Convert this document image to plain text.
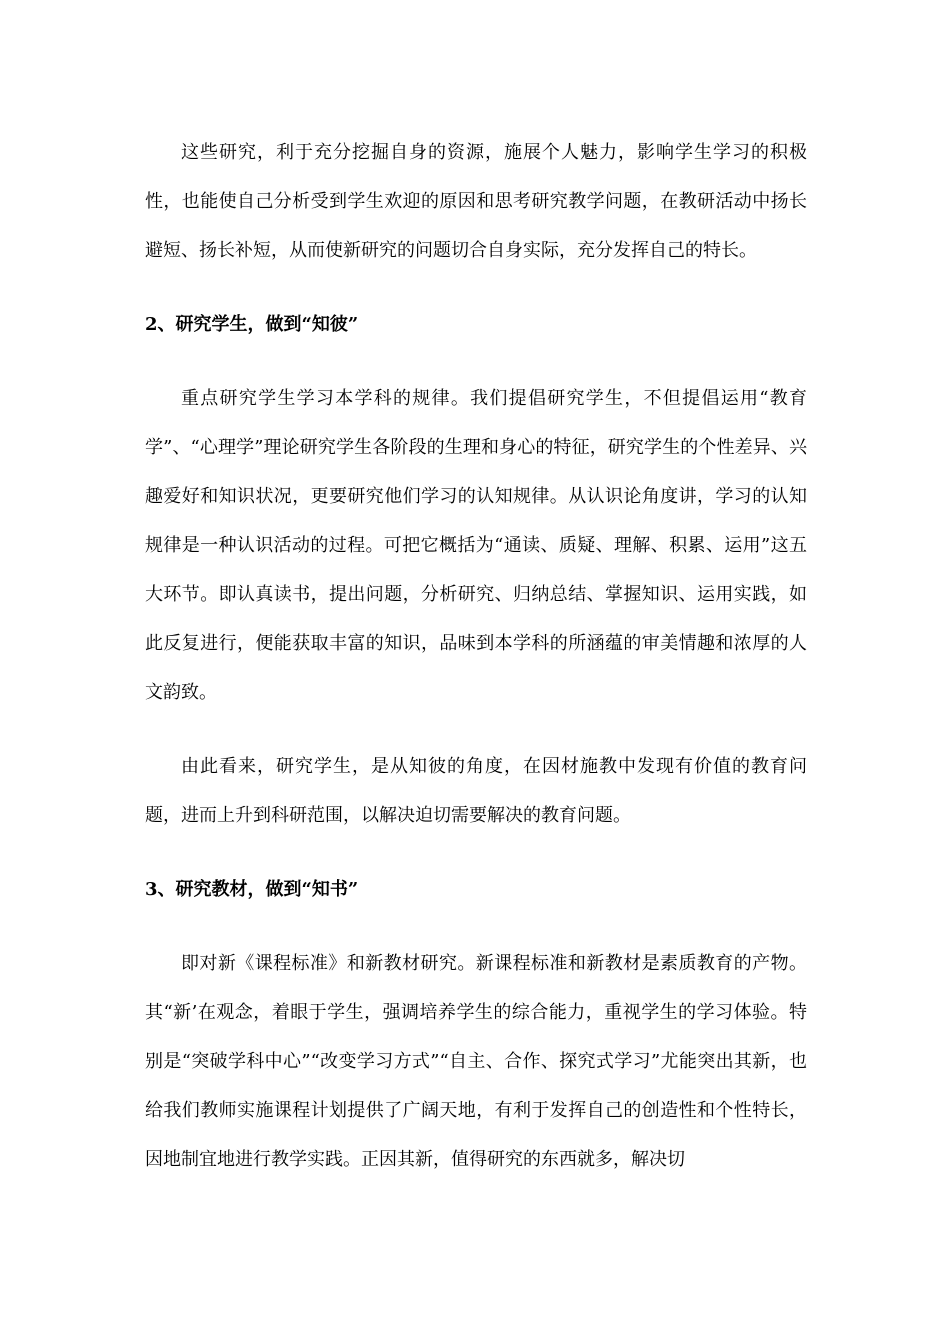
这些研究，利于充分挖掘自身的资源，施展个人魅力，影响学生学习的积极性，也能使自己分析受到学生欢迎的原因和思考研究教学问题，在教研活动中扬长避短、扬长补短，从而使新研究的问题切合自身实际，充分发挥自己的特长。

2、研究学生，做到“知彼”

重点研究学生学习本学科的规律。我们提倡研究学生，不但提倡运用“教育学”、“心理学”理论研究学生各阶段的生理和身心的特征，研究学生的个性差异、兴趣爱好和知识状况，更要研究他们学习的认知规律。从认识论角度讲，学习的认知规律是一种认识活动的过程。可把它概括为“通读、质疑、理解、积累、运用”这五大环节。即认真读书，提出问题，分析研究、归纳总结、掌握知识、运用实践，如此反复进行，便能获取丰富的知识，品味到本学科的所涵蕴的审美情趣和浓厚的人文韵致。

由此看来，研究学生，是从知彼的角度，在因材施教中发现有价值的教育问题，进而上升到科研范围，以解决迫切需要解决的教育问题。

3、研究教材，做到“知书”

即对新《课程标准》和新教材研究。新课程标准和新教材是素质教育的产物。其“新’在观念，着眼于学生，强调培养学生的综合能力，重视学生的学习体验。特别是“突破学科中心”“改变学习方式”“自主、合作、探究式学习”尤能突出其新，也给我们教师实施课程计划提供了广阔天地，有利于发挥自己的创造性和个性特长，因地制宜地进行教学实践。正因其新，值得研究的东西就多，解决切
